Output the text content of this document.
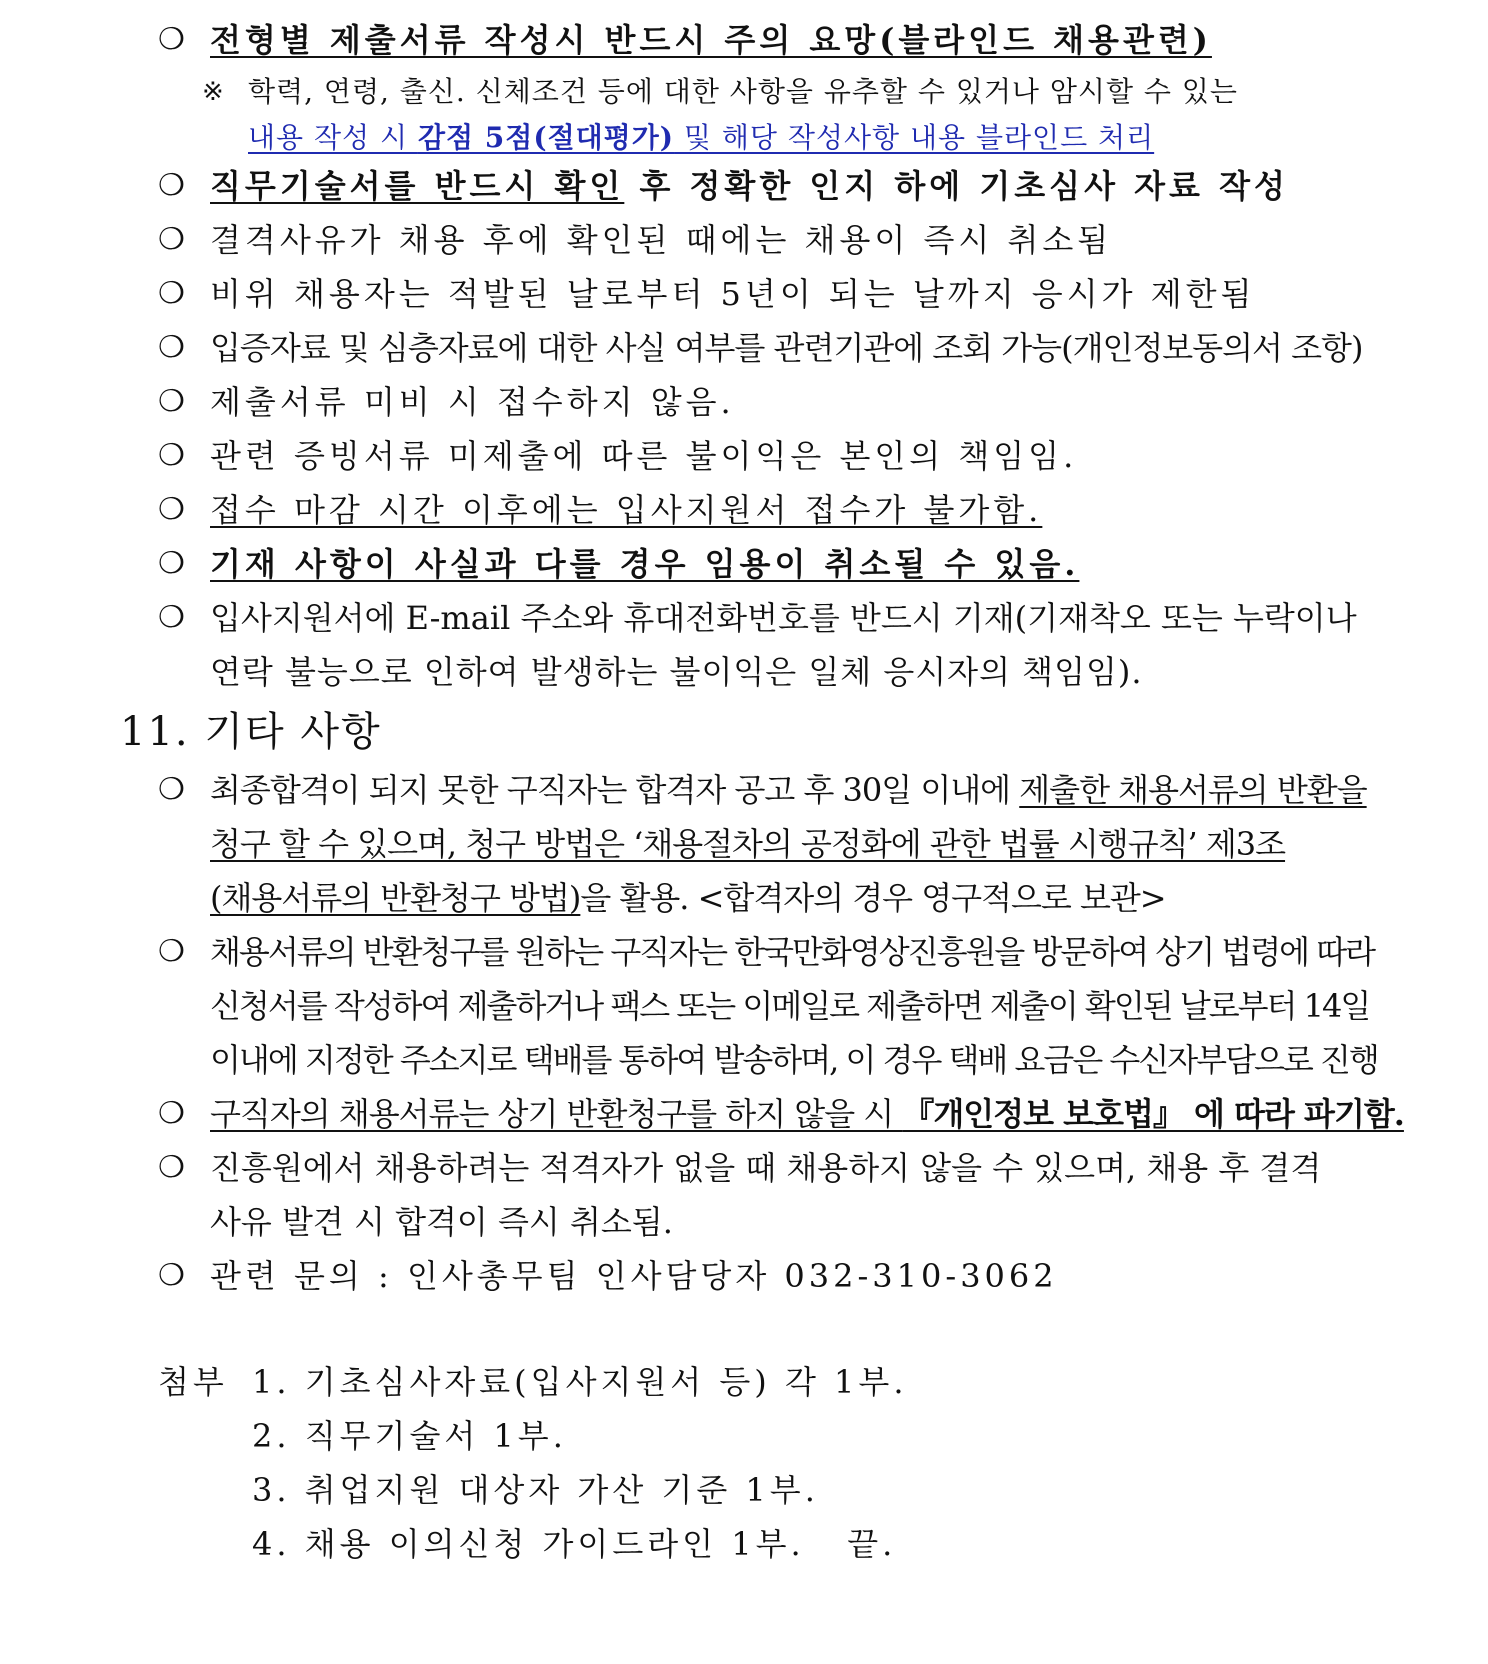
❍ 전형별 제출서류 작성시 반드시 주의 요망(블라인드 채용관련)
※ 학력, 연령, 출신. 신체조건 등에 대한 사항을 유추할 수 있거나 암시할 수 있는
내용 작성 시 감점 5점(절대평가) 및 해당 작성사항 내용 블라인드 처리
❍ 직무기술서를 반드시 확인 후 정확한 인지 하에 기초심사 자료 작성
❍ 결격사유가 채용 후에 확인된 때에는 채용이 즉시 취소됨
❍ 비위 채용자는 적발된 날로부터 5년이 되는 날까지 응시가 제한됨
❍ 입증자료 및 심층자료에 대한 사실 여부를 관련기관에 조회 가능(개인정보동의서 조항)
❍ 제출서류 미비 시 접수하지 않음.
❍ 관련 증빙서류 미제출에 따른 불이익은 본인의 책임임.
❍ 접수 마감 시간 이후에는 입사지원서 접수가 불가함.
❍ 기재 사항이 사실과 다를 경우 임용이 취소될 수 있음.
❍ 입사지원서에 E-mail 주소와 휴대전화번호를 반드시 기재(기재착오 또는 누락이나
연락 불능으로 인하여 발생하는 불이익은 일체 응시자의 책임임).
11. 기타 사항
❍ 최종합격이 되지 못한 구직자는 합격자 공고 후 30일 이내에 제출한 채용서류의 반환을
청구 할 수 있으며, 청구 방법은 ‘채용절차의 공정화에 관한 법률 시행규칙’ 제3조
(채용서류의 반환청구 방법)을 활용. <합격자의 경우 영구적으로 보관>
❍ 채용서류의 반환청구를 원하는 구직자는 한국만화영상진흥원을 방문하여 상기 법령에 따라
신청서를 작성하여 제출하거나 팩스 또는 이메일로 제출하면 제출이 확인된 날로부터 14일
이내에 지정한 주소지로 택배를 통하여 발송하며, 이 경우 택배 요금은 수신자부담으로 진행
❍ 구직자의 채용서류는 상기 반환청구를 하지 않을 시 『개인정보 보호법』 에 따라 파기함.
❍ 진흥원에서 채용하려는 적격자가 없을 때 채용하지 않을 수 있으며, 채용 후 결격
사유 발견 시 합격이 즉시 취소됨.
❍ 관련 문의 : 인사총무팀 인사담당자 032-310-3062
첨부 1. 기초심사자료(입사지원서 등) 각 1부.
2. 직무기술서 1부.
3. 취업지원 대상자 가산 기준 1부.
4. 채용 이의신청 가이드라인 1부.   끝.
